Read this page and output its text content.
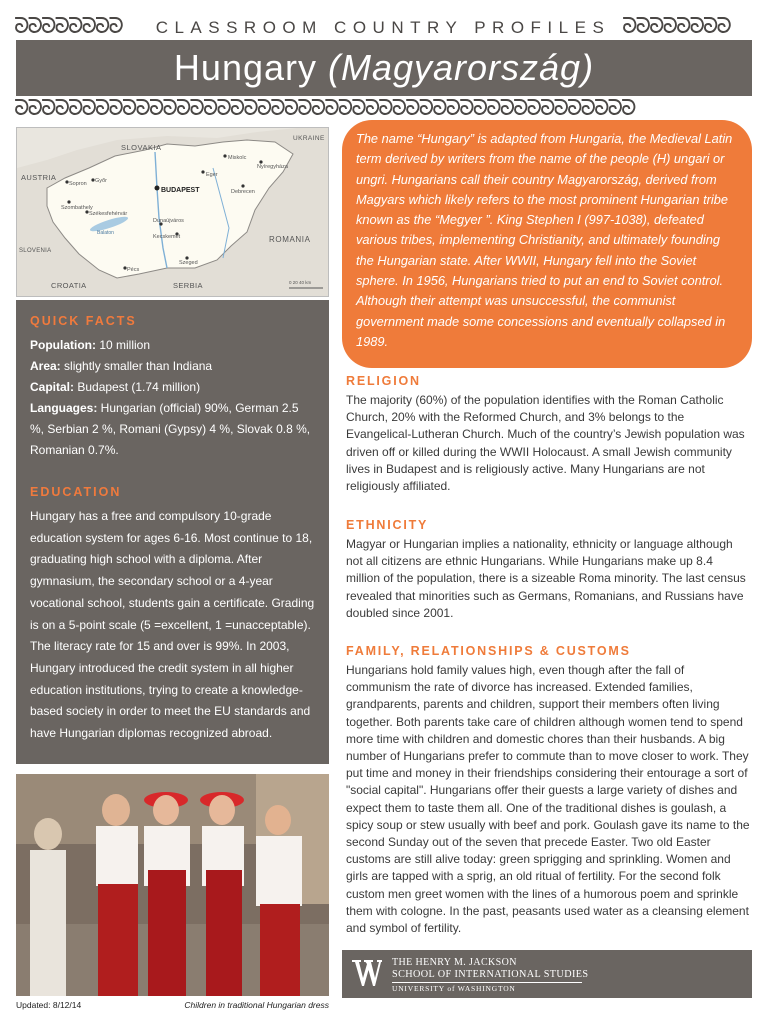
ᘐᘐᘐᘐᘐᘐᘐᘐ	CLASSROOM COUNTRY PROFILES ᘐᘐᘐᘐᘐᘐᘐᘐ
Hungary (Magyarország)
ᘐᘐᘐᘐᘐᘐᘐᘐᘐᘐᘐᘐᘐᘐᘐᘐᘐᘐᘐᘐᘐᘐᘐᘐᘐᘐᘐᘐᘐᘐᘐᘐᘐᘐᘐᘐᘐᘐᘐᘐᘐᘐᘐᘐᘐᘐ
SLOVAKIA
UKRAINE
AUSTRIA
ROMANIA
CROATIA	SERBIA
SLOVENIA
BUDAPEST
Győr
Sopron
Szombathely
Székesfehérvár
Miskolc
Nyíregyháza
Eger
Debrecen
Dunaújváros
Kecskemét
Szeged
Pécs
Balaton
0 20 40 km
QUICK FACTS
Population: 10 million
Area: slightly smaller than Indiana
Capital: Budapest (1.74 million)
Languages: Hungarian (official) 90%, German 2.5 %, Serbian 2 %, Romani (Gypsy) 4 %, Slovak 0.8 %, Romanian 0.7%.
EDUCATION
Hungary has a free and compulsory 10-grade education system for ages 6-16. Most continue to 18, graduating high school with a diploma. After gymnasium, the secondary school or a 4-year vocational school, students gain a certificate. Grading is on a 5-point scale (5 =excellent, 1 =unacceptable). The literacy rate for 15 and over is 99%. In 2003, Hungary introduced the credit system in all higher education institutions, trying to create a knowledge-based society in order to meet the EU standards and have Hungarian diplomas recognized abroad.
Updated: 8/12/14	Children in traditional Hungarian dress
The name “Hungary” is adapted from Hungaria, the Medieval Latin term derived by writers from the name of the people (H) ungari or ungri. Hungarians call their country Magyarország, derived from Magyars which likely refers to the most prominent Hungarian tribe known as the “Megyer ”. King Stephen I (997-1038), defeated various tribes, implementing Christianity, and ultimately founding the Hungarian state. After WWII, Hungary fell into the Soviet sphere. In 1956, Hungarians tried to put an end to Soviet control. Although their attempt was unsuccessful, the communist government made some concessions and eventually collapsed in 1989.
RELIGION

The majority (60%) of the population identifies with the Roman Catholic Church, 20% with the Reformed Church, and 3% belongs to the Evangelical-Lutheran Church. Much of the country’s Jewish population was driven off or killed during the WWII Holocaust. A small Jewish community lives in Budapest and is religiously active. Many Hungarians are not religiously affiliated.

ETHNICITY

Magyar or Hungarian implies a nationality, ethnicity or language although not all citizens are ethnic Hungarians. While Hungarians make up 8.4 million of the population, there is a sizeable Roma minority. The last census revealed that minorities such as Germans, Romanians, and Russians have doubled since 2001.

FAMILY, RELATIONSHIPS & CUSTOMS

Hungarians hold family values high, even though after the fall of communism the rate of divorce has increased. Extended families, grandparents, parents and children, support their members often living together. Both parents take care of children although women tend to spend more time with children and domestic chores than their husbands. A big number of Hungarians prefer to commute than to move closer to work. They put time and money in their friendships considering their entourage a sort of "social capital". Hungarians offer their guests a large variety of dishes and expect them to taste them all. One of the traditional dishes is goulash, a spicy soup or stew usually with beef and pork. Goulash gave its name to the second Sunday out of the seven that precede Easter. Two old Easter customs are still alive today: green sprigging and sprinkling. Women and girls are tapped with a sprig, an old ritual of fertility. For the second folk custom men greet women with the lines of a humorous poem and sprinkle them with cologne. In the past, peasants used water as a cleansing element and symbol of fertility.

THE HENRY M. JACKSON
SCHOOL OF INTERNATIONAL STUDIES
UNIVERSITY of WASHINGTON
